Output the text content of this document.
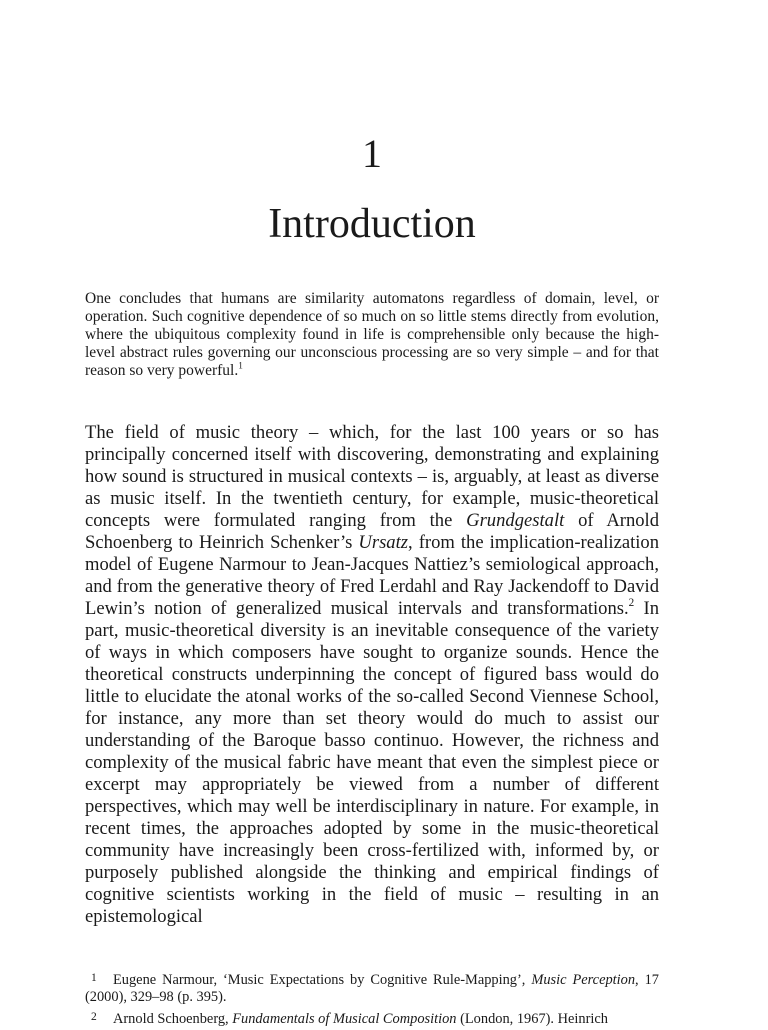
1
Introduction
One concludes that humans are similarity automatons regardless of domain, level, or operation. Such cognitive dependence of so much on so little stems directly from evolution, where the ubiquitous complexity found in life is comprehensible only because the high-level abstract rules governing our unconscious processing are so very simple – and for that reason so very powerful.$^1$

The field of music theory – which, for the last 100 years or so has principally concerned itself with discovering, demonstrating and explaining how sound is structured in musical contexts – is, arguably, at least as diverse as music itself. In the twentieth century, for example, music-theoretical concepts were formulated ranging from the Grundgestalt of Arnold Schoenberg to Heinrich Schenker’s Ursatz, from the implication-realization model of Eugene Narmour to Jean-Jacques Nattiez’s semiological approach, and from the generative theory of Fred Lerdahl and Ray Jackendoff to David Lewin’s notion of generalized musical intervals and transformations.$^2$ In part, music-theoretical diversity is an inevitable consequence of the variety of ways in which composers have sought to organize sounds. Hence the theoretical constructs underpinning the concept of figured bass would do little to elucidate the atonal works of the so-called Second Viennese School, for instance, any more than set theory would do much to assist our understanding of the Baroque basso continuo. However, the richness and complexity of the musical fabric have meant that even the simplest piece or excerpt may appropriately be viewed from a number of different perspectives, which may well be interdisciplinary in nature. For example, in recent times, the approaches adopted by some in the music-theoretical community have increasingly been cross-fertilized with, informed by, or purposely published alongside the thinking and empirical findings of cognitive scientists working in the field of music – resulting in an epistemological

1 Eugene Narmour, ‘Music Expectations by Cognitive Rule-Mapping’, Music Perception, 17 (2000), 329–98 (p. 395).

2 Arnold Schoenberg, Fundamentals of Musical Composition (London, 1967). Heinrich
